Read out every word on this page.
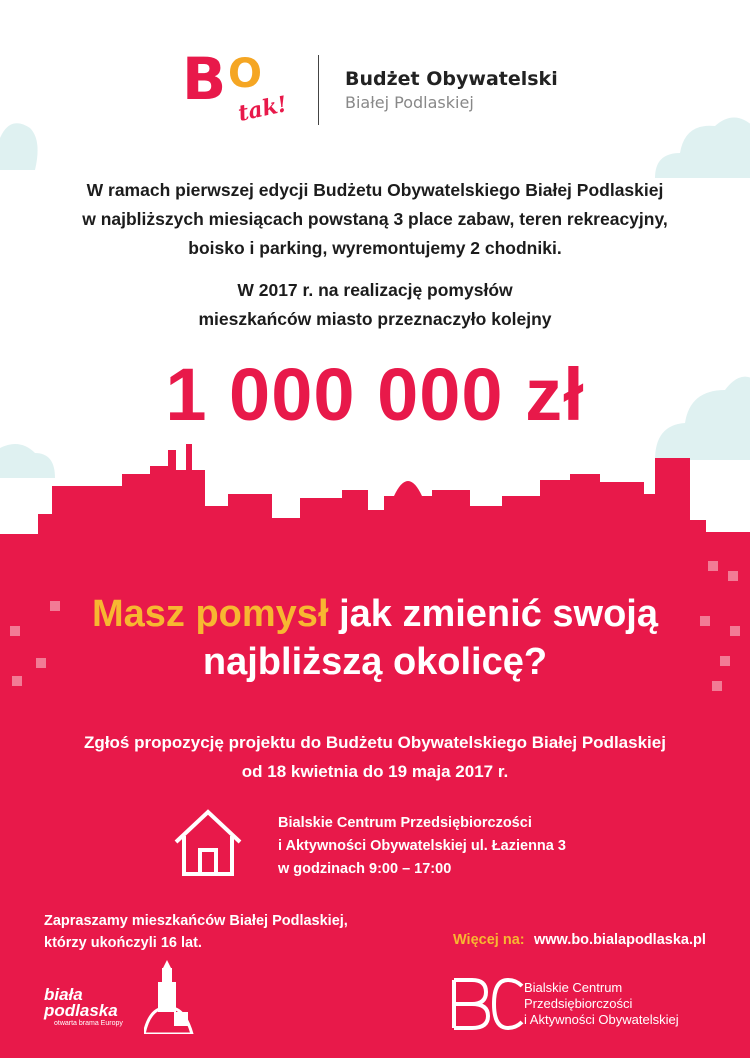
B O
tak!
Budżet Obywatelski
Białej Podlaskiej
W ramach pierwszej edycji Budżetu Obywatelskiego Białej Podlaskiej
w najbliższych miesiącach powstaną 3 place zabaw, teren rekreacyjny,
boisko i parking, wyremontujemy 2 chodniki.
W 2017 r. na realizację pomysłów
mieszkańców miasto przeznaczyło kolejny
1 000 000 zł
Masz pomysł jak zmienić swoją
najbliższą okolicę?
Zgłoś propozycję projektu do Budżetu Obywatelskiego Białej Podlaskiej
od 18 kwietnia do 19 maja 2017 r.
Bialskie Centrum Przedsiębiorczości
i Aktywności Obywatelskiej ul. Łazienna 3
w godzinach 9:00 – 17:00
Zapraszamy mieszkańców Białej Podlaskiej,
którzy ukończyli 16 lat.	Więcej na: www.bo.bialapodlaska.pl
biała
podlaska
otwarta brama Europy
Bialskie Centrum
Przedsiębiorczości
i Aktywności Obywatelskiej
